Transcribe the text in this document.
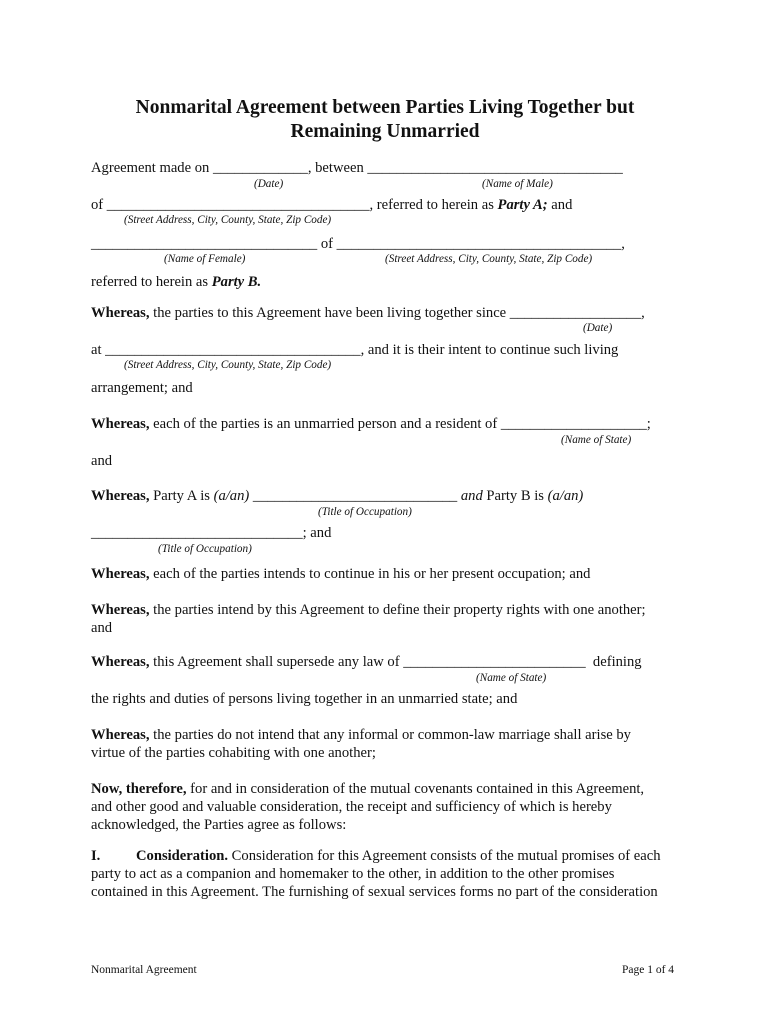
Nonmarital Agreement between Parties Living Together but
Remaining Unmarried
Agreement made on _____________, between ___________________________________
(Date)	(Name of Male)
of ____________________________________, referred to herein as Party A; and
(Street Address, City, County, State, Zip Code)
_______________________________ of _______________________________________,
(Name of Female)	(Street Address, City, County, State, Zip Code)
referred to herein as Party B.
Whereas, the parties to this Agreement have been living together since __________________,
(Date)
at ___________________________________, and it is their intent to continue such living
(Street Address, City, County, State, Zip Code)
arrangement; and
Whereas, each of the parties is an unmarried person and a resident of ____________________;
(Name of State)
and
Whereas, Party A is (a/an) ____________________________ and Party B is (a/an)
(Title of Occupation)
_____________________________; and
(Title of Occupation)
Whereas, each of the parties intends to continue in his or her present occupation; and
Whereas, the parties intend by this Agreement to define their property rights with one another;
and
Whereas, this Agreement shall supersede any law of _________________________  defining
(Name of State)
the rights and duties of persons living together in an unmarried state; and
Whereas, the parties do not intend that any informal or common-law marriage shall arise by
virtue of the parties cohabiting with one another;
Now, therefore, for and in consideration of the mutual covenants contained in this Agreement,
and other good and valuable consideration, the receipt and sufficiency of which is hereby
acknowledged, the Parties agree as follows:
I. Consideration. Consideration for this Agreement consists of the mutual promises of each
party to act as a companion and homemaker to the other, in addition to the other promises
contained in this Agreement. The furnishing of sexual services forms no part of the consideration
Nonmarital Agreement	Page 1 of 4
